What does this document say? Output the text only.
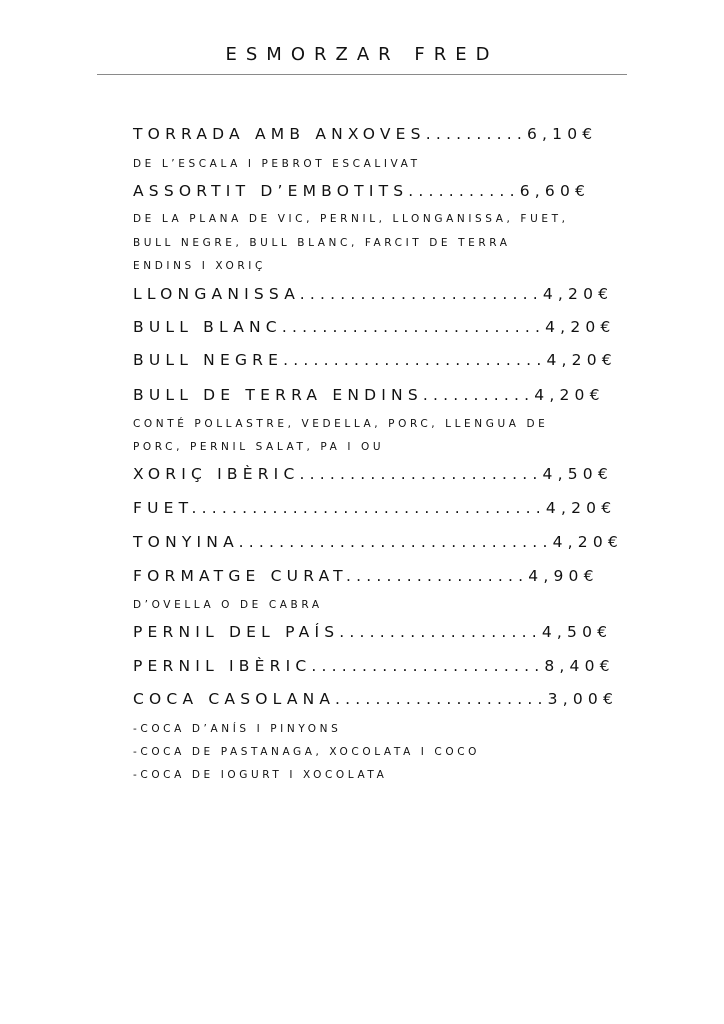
ESMORZAR FRED

TORRADA AMB ANXOVES..........6,10€

DE L’ESCALA I PEBROT ESCALIVAT

ASSORTIT D’EMBOTITS...........6,60€

DE LA PLANA DE VIC, PERNIL, LLONGANISSA, FUET,

BULL NEGRE, BULL BLANC, FARCIT DE TERRA

ENDINS I XORIÇ

LLONGANISSA........................4,20€

BULL BLANC..........................4,20€

BULL NEGRE..........................4,20€

BULL DE TERRA ENDINS...........4,20€

CONTÉ POLLASTRE, VEDELLA, PORC, LLENGUA DE

PORC, PERNIL SALAT, PA I OU

XORIÇ IBÈRIC........................4,50€

FUET...................................4,20€

TONYINA...............................4,20€

FORMATGE CURAT..................4,90€

D’OVELLA O DE CABRA

PERNIL DEL PAÍS....................4,50€

PERNIL IBÈRIC.......................8,40€

COCA CASOLANA.....................3,00€

-COCA D’ANÍS I PINYONS

-COCA DE PASTANAGA, XOCOLATA I COCO

-COCA DE IOGURT I XOCOLATA
